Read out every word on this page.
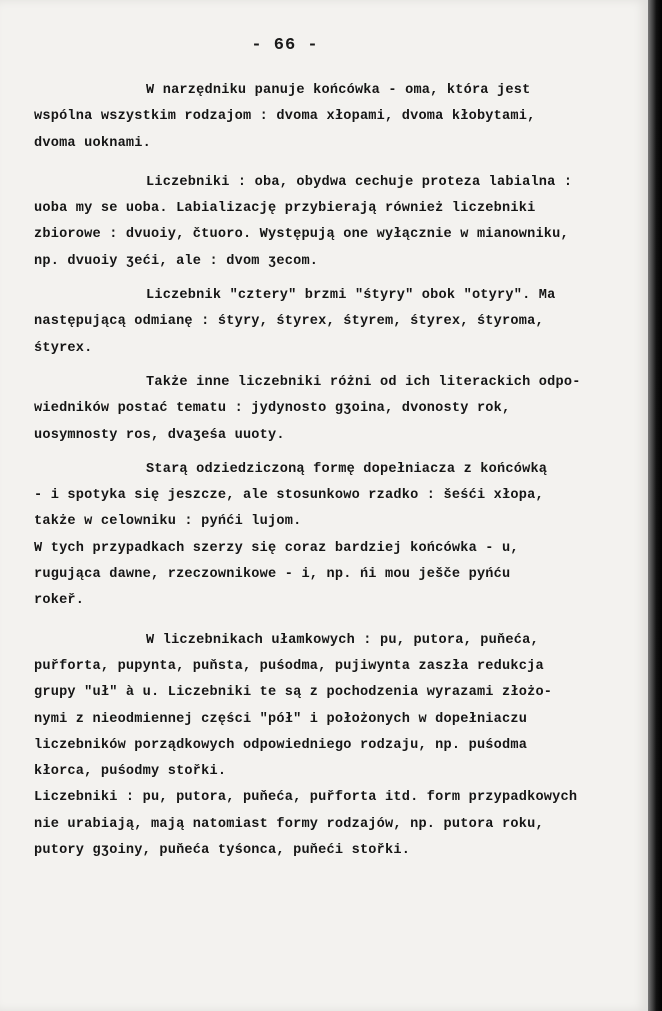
- 66 -
W narzędniku panuje końcówka - oma, która jest
wspólna wszystkim rodzajom : dvoma xłopami, dvoma kłobytami,
dvoma uoknami.
Liczebniki : oba, obydwa cechuje proteza labialna :
uoba my se uoba. Labializację przybierają również liczebniki
zbiorowe : dvuoiy, čtuoro. Występują one wyłącznie w mianowniku,
np. dvuoiy ʒeći, ale : dvom ʒecom.
Liczebnik "cztery" brzmi "śtyry" obok "otyry". Ma
następującą odmianę : śtyry, śtyrex, śtyrem, śtyrex, śtyroma,
śtyrex.
Także inne liczebniki różni od ich literackich odpo-
wiedników postać tematu : jydynosto gʒoina, dvonosty rok,
uosymnosty ros, dvaʒeśa uuoty.
Starą odziedziczoną formę dopełniacza z końcówką
- i spotyka się jeszcze, ale stosunkowo rzadko : šeśći xłopa,
także w celowniku : pyńći lujom.
W tych przypadkach szerzy się coraz bardziej końcówka - u,
rugująca dawne, rzeczownikowe - i, np. ńi mou ješče pyńću
rokeř.
W liczebnikach ułamkowych : pu, putora, puňeća,
puřforta, pupynta, puňsta, puśodma, pujiwynta zaszła redukcja
grupy "uł" à u. Liczebniki te są z pochodzenia wyrazami złożo-
nymi z nieodmiennej części "pół" i położonych w dopełniaczu
liczebników porządkowych odpowiedniego rodzaju, np. puśodma
kłorca, puśodmy stořki.
Liczebniki : pu, putora, puňeća, puřforta itd. form przypadkowych
nie urabiają, mają natomiast formy rodzajów, np. putora roku,
putory gʒoiny, puňeća tyśonca, puňeći stořki.
